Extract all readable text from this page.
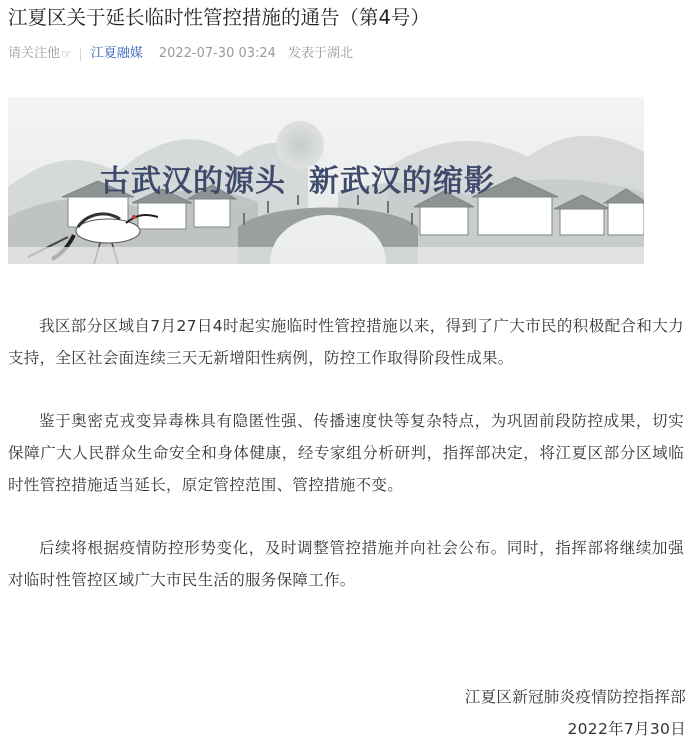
江夏区关于延长临时性管控措施的通告（第4号）
请关注他 ☞ 江夏融媒 2022-07-30 03:24 发表于湖北
古武汉的源头  新武汉的缩影

我区部分区域自7月27日4时起实施临时性管控措施以来，得到了广大市民的积极配合和大力支持，全区社会面连续三天无新增阳性病例，防控工作取得阶段性成果。

鉴于奥密克戎变异毒株具有隐匿性强、传播速度快等复杂特点，为巩固前段防控成果，切实保障广大人民群众生命安全和身体健康，经专家组分析研判，指挥部决定，将江夏区部分区域临时性管控措施适当延长，原定管控范围、管控措施不变。

后续将根据疫情防控形势变化，及时调整管控措施并向社会公布。同时，指挥部将继续加强对临时性管控区域广大市民生活的服务保障工作。

江夏区新冠肺炎疫情防控指挥部
2022年7月30日
